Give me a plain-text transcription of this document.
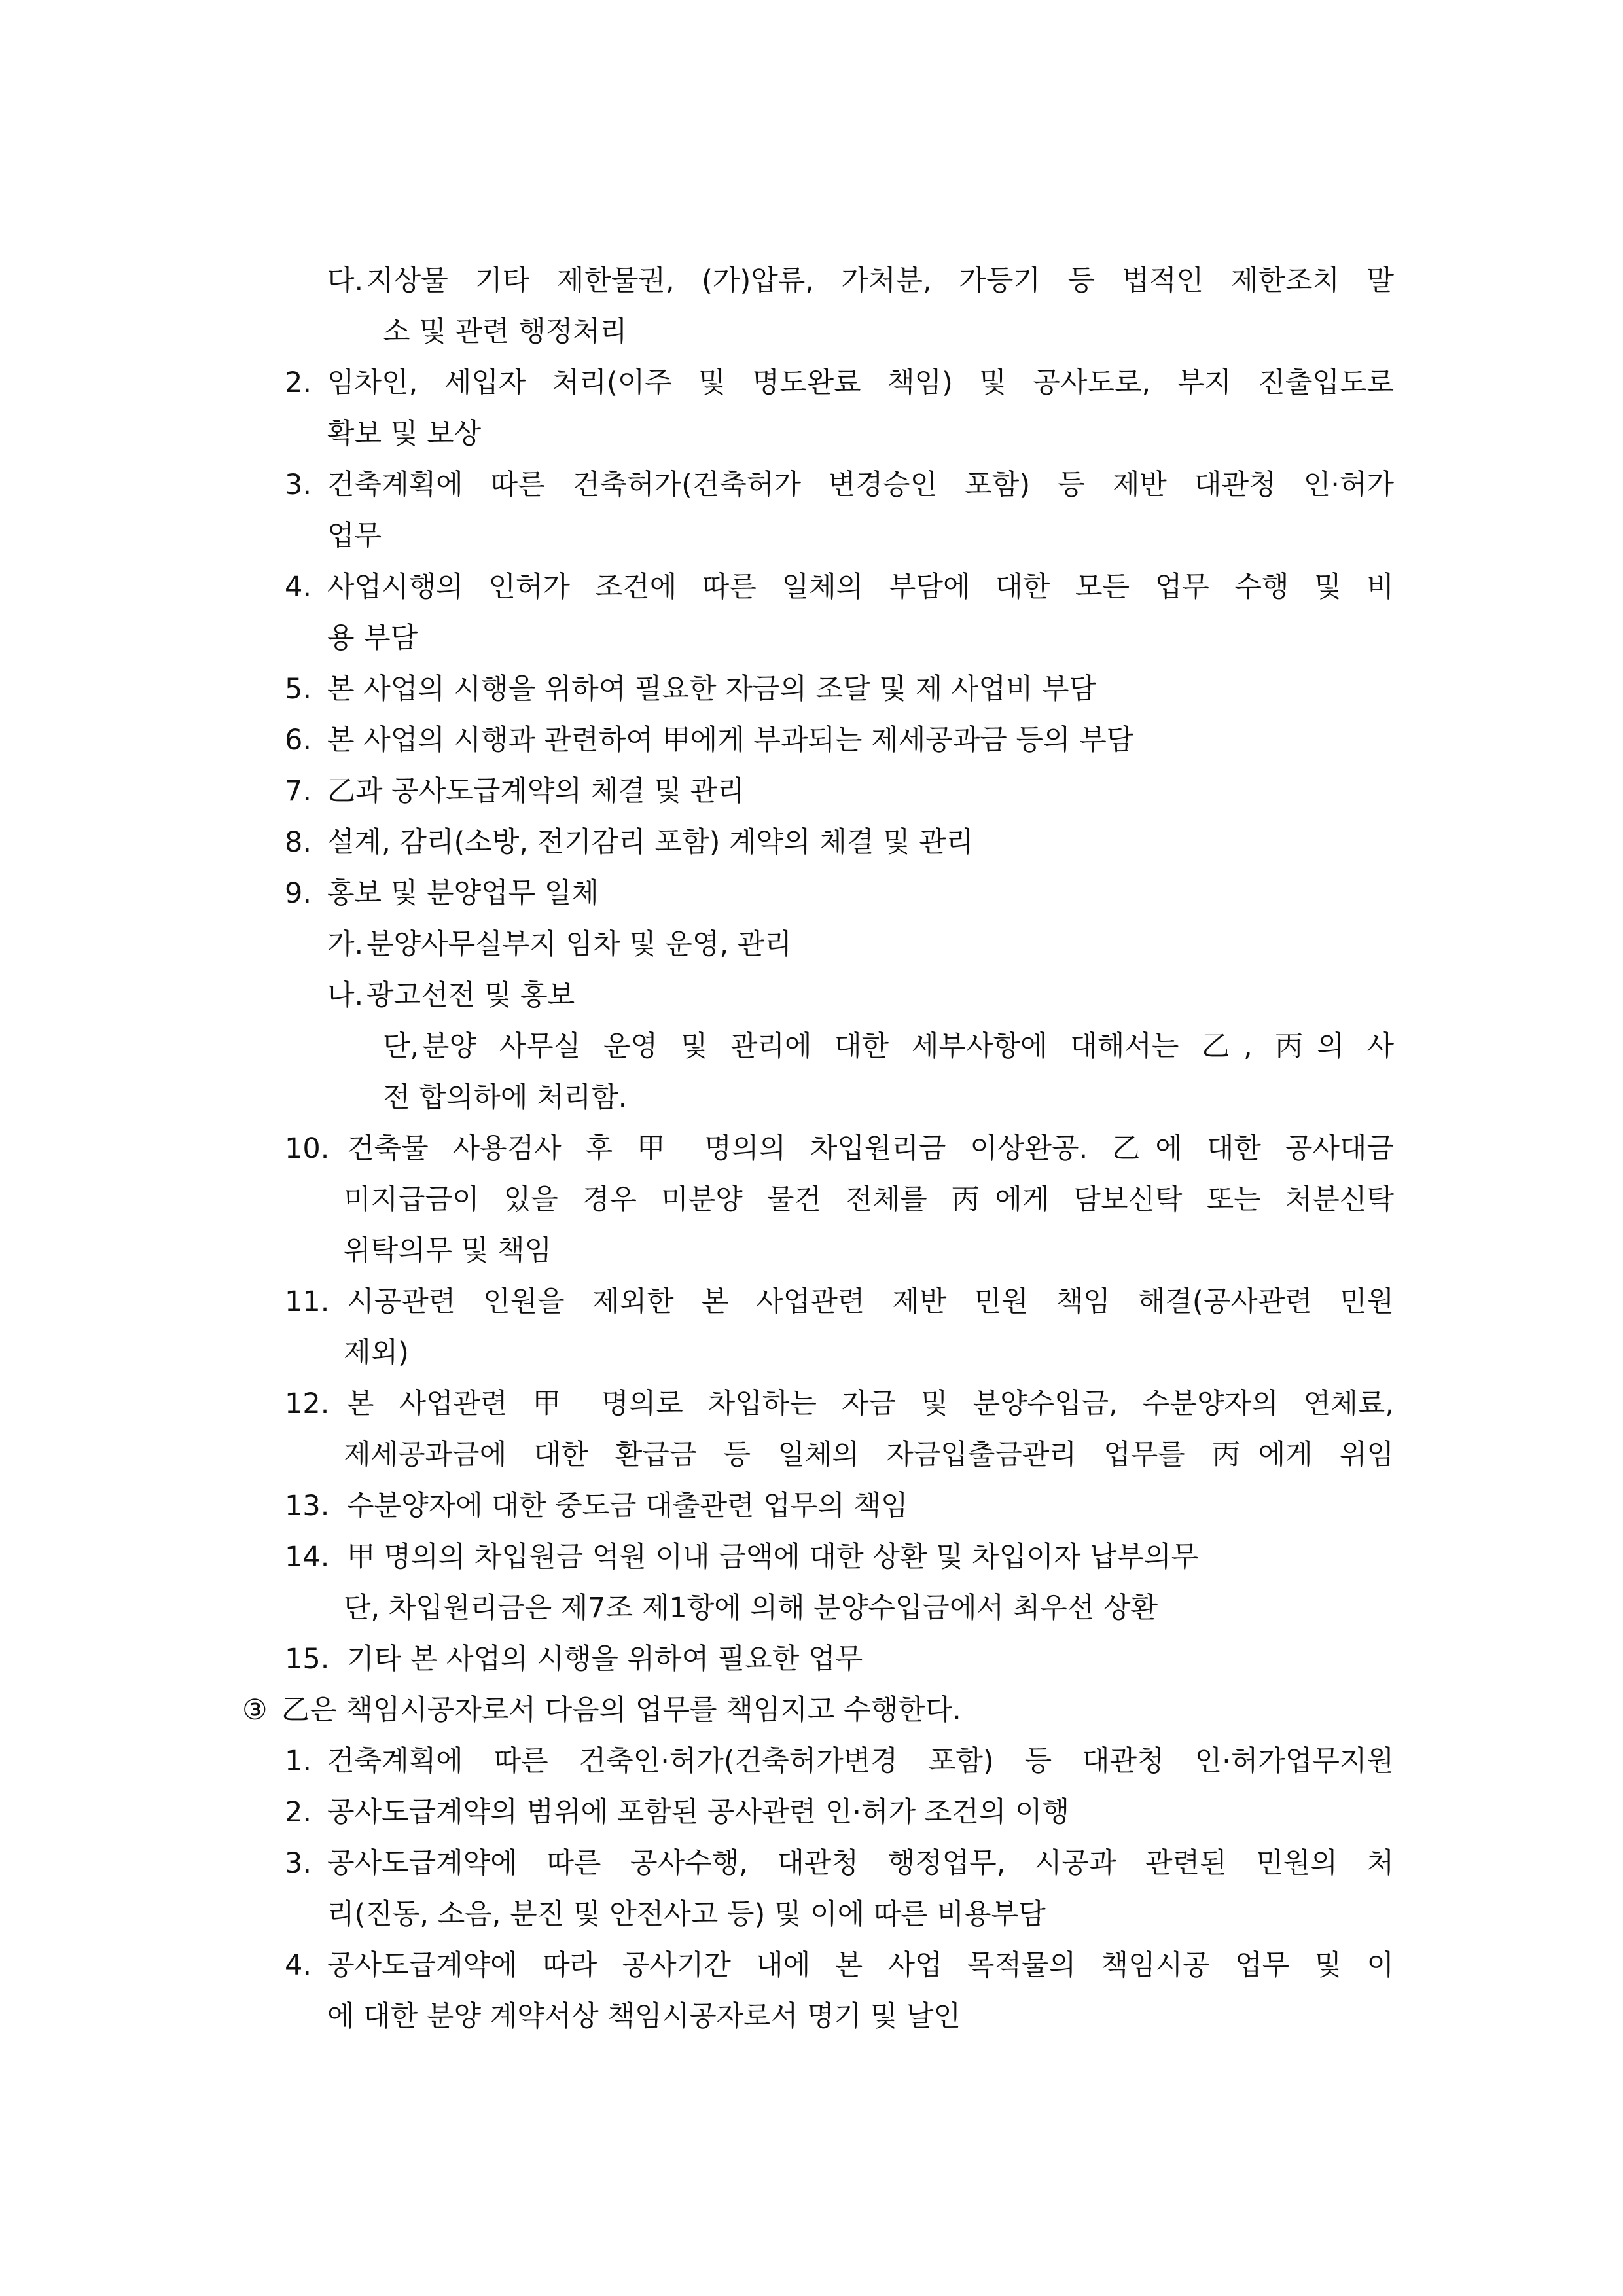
다. 지상물 기타 제한물권, (가)압류, 가처분, 가등기 등 법적인 제한조치 말
소 및 관련 행정처리
2. 임차인, 세입자 처리(이주 및 명도완료 책임) 및 공사도로, 부지 진출입도로
확보 및 보상
3. 건축계획에 따른 건축허가(건축허가 변경승인 포함) 등 제반 대관청 인·허가
업무
4. 사업시행의 인허가 조건에 따른 일체의 부담에 대한 모든 업무 수행 및 비
용 부담
5. 본 사업의 시행을 위하여 필요한 자금의 조달 및 제 사업비 부담
6. 본 사업의 시행과 관련하여 甲에게 부과되는 제세공과금 등의 부담
7. 乙과 공사도급계약의 체결 및 관리
8. 설계, 감리(소방, 전기감리 포함) 계약의 체결 및 관리
9. 홍보 및 분양업무 일체
가. 분양사무실부지 임차 및 운영, 관리
나. 광고선전 및 홍보
단, 분양 사무실 운영 및 관리에 대한 세부사항에 대해서는 乙, 丙의 사
전 합의하에 처리함.
10. 건축물 사용검사 후 甲 명의의 차입원리금 이상완공. 乙에 대한 공사대금
미지급금이 있을 경우 미분양 물건 전체를 丙에게 담보신탁 또는 처분신탁
위탁의무 및 책임
11. 시공관련 인원을 제외한 본 사업관련 제반 민원 책임 해결(공사관련 민원
제외)
12. 본 사업관련 甲 명의로 차입하는 자금 및 분양수입금, 수분양자의 연체료,
제세공과금에 대한 환급금 등 일체의 자금입출금관리 업무를 丙에게 위임
13. 수분양자에 대한 중도금 대출관련 업무의 책임
14. 甲 명의의 차입원금 억원 이내 금액에 대한 상환 및 차입이자 납부의무
단, 차입원리금은 제7조 제1항에 의해 분양수입금에서 최우선 상환
15. 기타 본 사업의 시행을 위하여 필요한 업무
③ 乙은 책임시공자로서 다음의 업무를 책임지고 수행한다.
1. 건축계획에 따른 건축인·허가(건축허가변경 포함) 등 대관청 인·허가업무지원
2. 공사도급계약의 범위에 포함된 공사관련 인·허가 조건의 이행
3. 공사도급계약에 따른 공사수행, 대관청 행정업무, 시공과 관련된 민원의 처
리(진동, 소음, 분진 및 안전사고 등) 및 이에 따른 비용부담
4. 공사도급계약에 따라 공사기간 내에 본 사업 목적물의 책임시공 업무 및 이
에 대한 분양 계약서상 책임시공자로서 명기 및 날인
